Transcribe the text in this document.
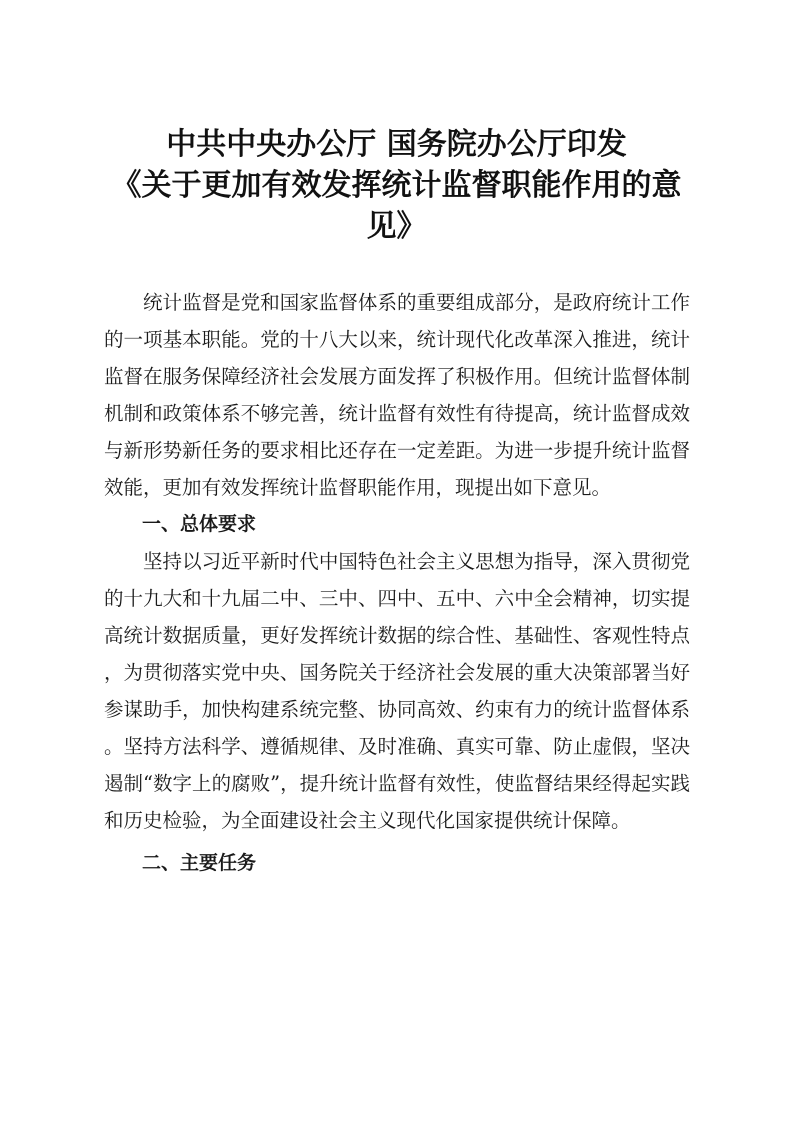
中共中央办公厅 国务院办公厅印发
《关于更加有效发挥统计监督职能作用的意
见》

统计监督是党和国家监督体系的重要组成部分，是政府统计工作的一项基本职能。党的十八大以来，统计现代化改革深入推进，统计监督在服务保障经济社会发展方面发挥了积极作用。但统计监督体制机制和政策体系不够完善，统计监督有效性有待提高，统计监督成效与新形势新任务的要求相比还存在一定差距。为进一步提升统计监督效能，更加有效发挥统计监督职能作用，现提出如下意见。

一、总体要求

坚持以习近平新时代中国特色社会主义思想为指导，深入贯彻党的十九大和十九届二中、三中、四中、五中、六中全会精神，切实提高统计数据质量，更好发挥统计数据的综合性、基础性、客观性特点，为贯彻落实党中央、国务院关于经济社会发展的重大决策部署当好参谋助手，加快构建系统完整、协同高效、约束有力的统计监督体系。坚持方法科学、遵循规律、及时准确、真实可靠、防止虚假，坚决遏制“数字上的腐败”，提升统计监督有效性，使监督结果经得起实践和历史检验，为全面建设社会主义现代化国家提供统计保障。

二、主要任务
